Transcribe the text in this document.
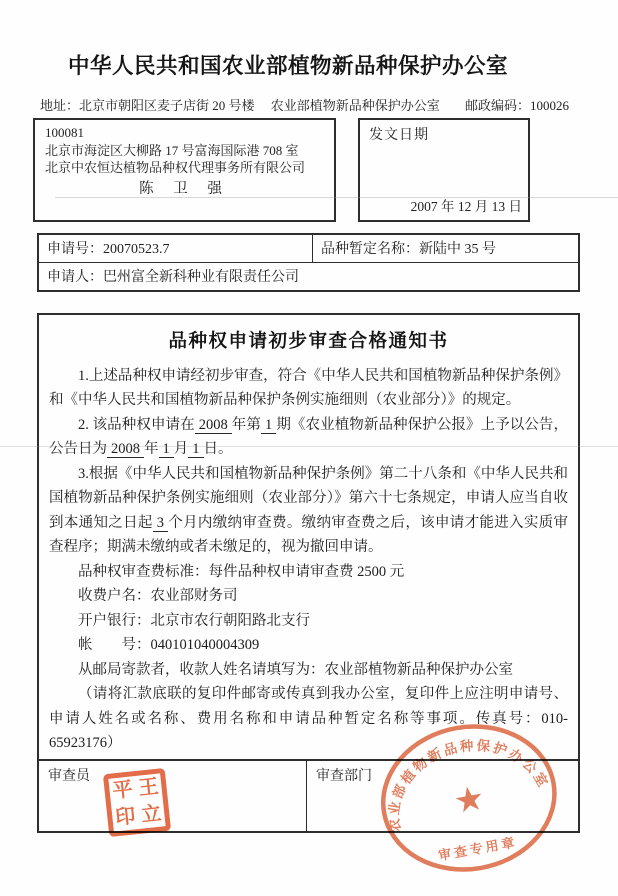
中华人民共和国农业部植物新品种保护办公室
地址：北京市朝阳区麦子店街 20 号楼 农业部植物新品种保护办公室 邮政编码：100026
100081
北京市海淀区大柳路 17 号富海国际港 708 室
北京中农恒达植物品种权代理事务所有限公司
陈 卫 强
发文日期
2007 年 12 月 13 日
申请号：20070523.7	品种暂定名称：新陆中 35 号
申请人：巴州富全新科种业有限责任公司
品种权申请初步审查合格通知书

1.上述品种权申请经初步审查，符合《中华人民共和国植物新品种保护条例》和《中华人民共和国植物新品种保护条例实施细则（农业部分）》的规定。

2. 该品种权申请在 2008 年第 1 期《农业植物新品种保护公报》上予以公告，公告日为 2008 年 1 月 1 日。

3.根据《中华人民共和国植物新品种保护条例》第二十八条和《中华人民共和国植物新品种保护条例实施细则（农业部分）》第六十七条规定，申请人应当自收到本通知之日起 3 个月内缴纳审查费。缴纳审查费之后，该申请才能进入实质审查程序；期满未缴纳或者未缴足的，视为撤回申请。

品种权审查费标准：每件品种权申请审查费 2500 元

收费户名：农业部财务司

开户银行：北京市农行朝阳路北支行

帐　　号：040101040004309

从邮局寄款者，收款人姓名请填写为：农业部植物新品种保护办公室

（请将汇款底联的复印件邮寄或传真到我办公室，复印件上应注明申请号、申请人姓名或名称、费用名称和申请品种暂定名称等事项。传真号：010-65923176）

审查员	审查部门
平 王
印 立	农业部植物新品种保护办公室
★
审查专用章
